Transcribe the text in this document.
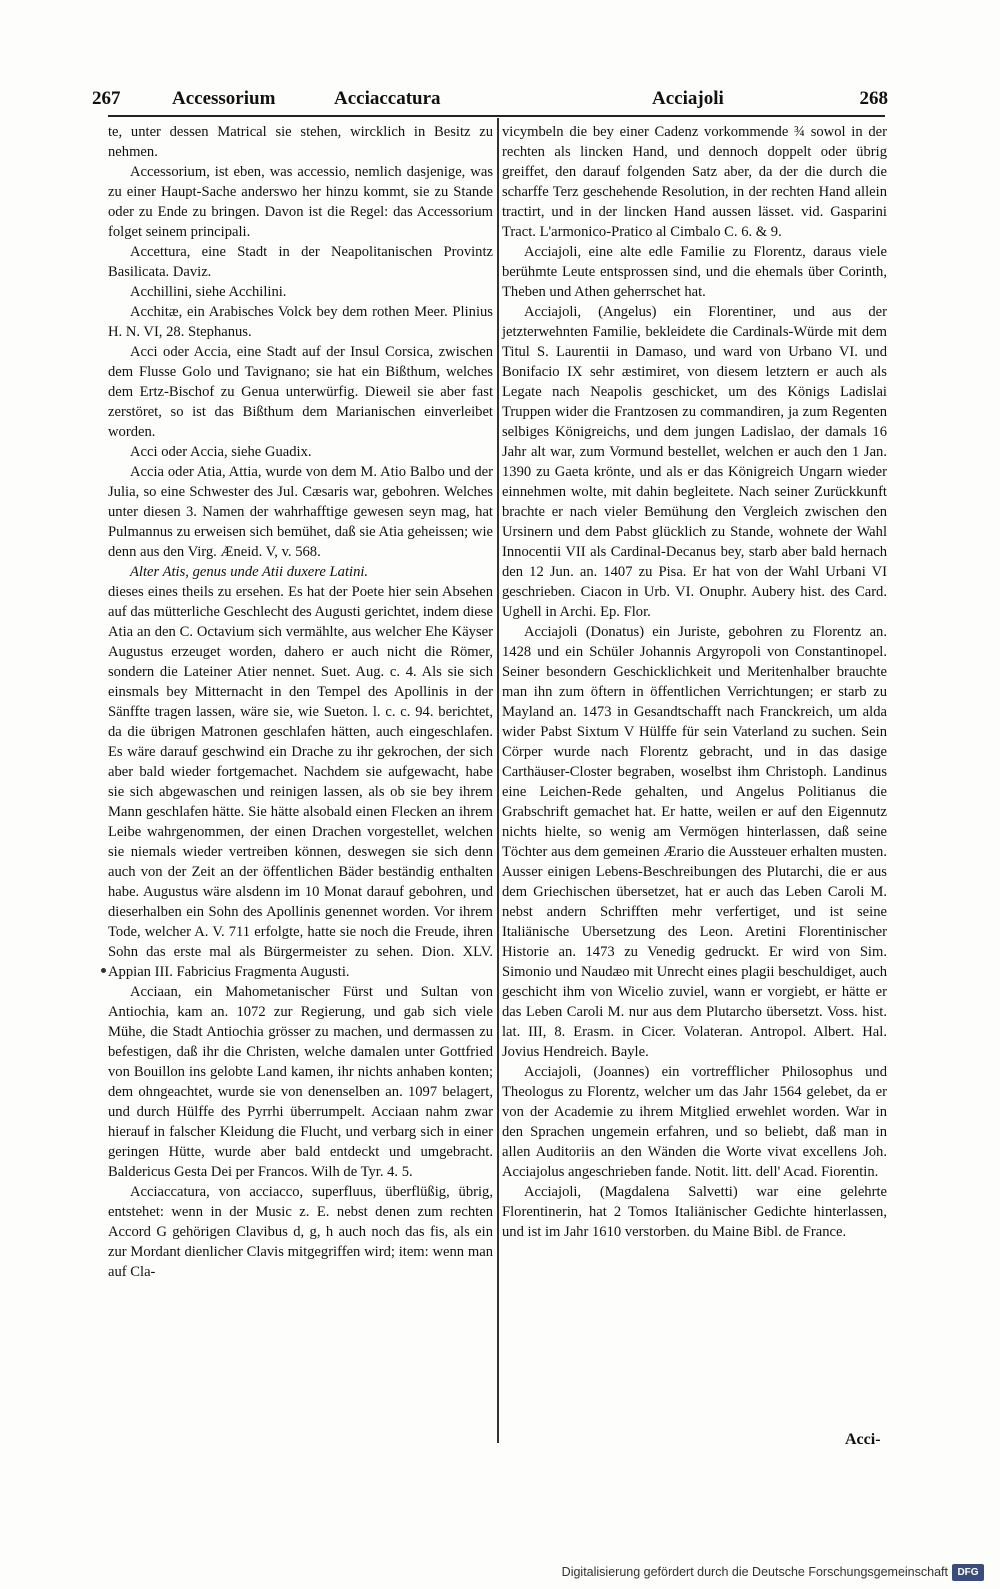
267	Accessorium	Acciaccatura	Acciajoli	268

te, unter dessen Matrical sie stehen, wircklich in Besitz zu nehmen.

Accessorium, ist eben, was accessio, nemlich dasjenige, was zu einer Haupt-Sache anderswo her hinzu kommt, sie zu Stande oder zu Ende zu bringen. Davon ist die Regel: das Accessorium folget seinem principali.

Accettura, eine Stadt in der Neapolitanischen Provintz Basilicata. Daviz.

Acchillini, siehe Acchilini.

Acchitæ, ein Arabisches Volck bey dem rothen Meer. Plinius H. N. VI, 28. Stephanus.

Acci oder Accia, eine Stadt auf der Insul Corsica, zwischen dem Flusse Golo und Tavignano; sie hat ein Bißthum, welches dem Ertz-Bischof zu Genua unterwürfig. Dieweil sie aber fast zerstöret, so ist das Bißthum dem Marianischen einverleibet worden.

Acci oder Accia, siehe Guadix.

Accia oder Atia, Attia, wurde von dem M. Atio Balbo und der Julia, so eine Schwester des Jul. Cæsaris war, gebohren. Welches unter diesen 3. Namen der wahrhafftige gewesen seyn mag, hat Pulmannus zu erweisen sich bemühet, daß sie Atia geheissen; wie denn aus den Virg. Æneid. V, v. 568.

Alter Atis, genus unde Atii duxere Latini.

dieses eines theils zu ersehen. Es hat der Poete hier sein Absehen auf das mütterliche Geschlecht des Augusti gerichtet, indem diese Atia an den C. Octavium sich vermählte, aus welcher Ehe Käyser Augustus erzeuget worden, dahero er auch nicht die Römer, sondern die Lateiner Atier nennet. Suet. Aug. c. 4. Als sie sich einsmals bey Mitternacht in den Tempel des Apollinis in der Sänffte tragen lassen, wäre sie, wie Sueton. l. c. c. 94. berichtet, da die übrigen Matronen geschlafen hätten, auch eingeschlafen. Es wäre darauf geschwind ein Drache zu ihr gekrochen, der sich aber bald wieder fortgemachet. Nachdem sie aufgewacht, habe sie sich abgewaschen und reinigen lassen, als ob sie bey ihrem Mann geschlafen hätte. Sie hätte alsobald einen Flecken an ihrem Leibe wahrgenommen, der einen Drachen vorgestellet, welchen sie niemals wieder vertreiben können, deswegen sie sich denn auch von der Zeit an der öffentlichen Bäder beständig enthalten habe. Augustus wäre alsdenn im 10 Monat darauf gebohren, und dieserhalben ein Sohn des Apollinis genennet worden. Vor ihrem Tode, welcher A. V. 711 erfolgte, hatte sie noch die Freude, ihren Sohn das erste mal als Bürgermeister zu sehen. Dion. XLV. Appian III. Fabricius Fragmenta Augusti.

Acciaan, ein Mahometanischer Fürst und Sultan von Antiochia, kam an. 1072 zur Regierung, und gab sich viele Mühe, die Stadt Antiochia grösser zu machen, und dermassen zu befestigen, daß ihr die Christen, welche damalen unter Gottfried von Bouillon ins gelobte Land kamen, ihr nichts anhaben konten; dem ohngeachtet, wurde sie von denenselben an. 1097 belagert, und durch Hülffe des Pyrrhi überrumpelt. Acciaan nahm zwar hierauf in falscher Kleidung die Flucht, und verbarg sich in einer geringen Hütte, wurde aber bald entdeckt und umgebracht. Baldericus Gesta Dei per Francos. Wilh de Tyr. 4. 5.

Acciaccatura, von acciacco, superfluus, überflüßig, übrig, entstehet: wenn in der Music z. E. nebst denen zum rechten Accord G gehörigen Clavibus d, g, h auch noch das fis, als ein zur Mordant dienlicher Clavis mitgegriffen wird; item: wenn man auf Cla-

vicymbeln die bey einer Cadenz vorkommende ¾ sowol in der rechten als lincken Hand, und dennoch doppelt oder übrig greiffet, den darauf folgenden Satz aber, da der die durch die scharffe Terz geschehende Resolution, in der rechten Hand allein tractirt, und in der lincken Hand aussen lässet. vid. Gasparini Tract. L'armonico-Pratico al Cimbalo C. 6. & 9.

Acciajoli, eine alte edle Familie zu Florentz, daraus viele berühmte Leute entsprossen sind, und die ehemals über Corinth, Theben und Athen geherrschet hat.

Acciajoli, (Angelus) ein Florentiner, und aus der jetzterwehnten Familie, bekleidete die Cardinals-Würde mit dem Titul S. Laurentii in Damaso, und ward von Urbano VI. und Bonifacio IX sehr æstimiret, von diesem letztern er auch als Legate nach Neapolis geschicket, um des Königs Ladislai Truppen wider die Frantzosen zu commandiren, ja zum Regenten selbiges Königreichs, und dem jungen Ladislao, der damals 16 Jahr alt war, zum Vormund bestellet, welchen er auch den 1 Jan. 1390 zu Gaeta krönte, und als er das Königreich Ungarn wieder einnehmen wolte, mit dahin begleitete. Nach seiner Zurückkunft brachte er nach vieler Bemühung den Vergleich zwischen den Ursinern und dem Pabst glücklich zu Stande, wohnete der Wahl Innocentii VII als Cardinal-Decanus bey, starb aber bald hernach den 12 Jun. an. 1407 zu Pisa. Er hat von der Wahl Urbani VI geschrieben. Ciacon in Urb. VI. Onuphr. Aubery hist. des Card. Ughell in Archi. Ep. Flor.

Acciajoli (Donatus) ein Juriste, gebohren zu Florentz an. 1428 und ein Schüler Johannis Argyropoli von Constantinopel. Seiner besondern Geschicklichkeit und Meritenhalber brauchte man ihn zum öftern in öffentlichen Verrichtungen; er starb zu Mayland an. 1473 in Gesandtschafft nach Franckreich, um alda wider Pabst Sixtum V Hülffe für sein Vaterland zu suchen. Sein Cörper wurde nach Florentz gebracht, und in das dasige Carthäuser-Closter begraben, woselbst ihm Christoph. Landinus eine Leichen-Rede gehalten, und Angelus Politianus die Grabschrift gemachet hat. Er hatte, weilen er auf den Eigennutz nichts hielte, so wenig am Vermögen hinterlassen, daß seine Töchter aus dem gemeinen Ærario die Aussteuer erhalten musten. Ausser einigen Lebens-Beschreibungen des Plutarchi, die er aus dem Griechischen übersetzet, hat er auch das Leben Caroli M. nebst andern Schrifften mehr verfertiget, und ist seine Italiänische Ubersetzung des Leon. Aretini Florentinischer Historie an. 1473 zu Venedig gedruckt. Er wird von Sim. Simonio und Naudæo mit Unrecht eines plagii beschuldiget, auch geschicht ihm von Wicelio zuviel, wann er vorgiebt, er hätte er das Leben Caroli M. nur aus dem Plutarcho übersetzt. Voss. hist. lat. III, 8. Erasm. in Cicer. Volateran. Antropol. Albert. Hal. Jovius Hendreich. Bayle.

Acciajoli, (Joannes) ein vortrefflicher Philosophus und Theologus zu Florentz, welcher um das Jahr 1564 gelebet, da er von der Academie zu ihrem Mitglied erwehlet worden. War in den Sprachen ungemein erfahren, und so beliebt, daß man in allen Auditoriis an den Wänden die Worte vivat excellens Joh. Acciajolus angeschrieben fande. Notit. litt. dell' Acad. Fiorentin.

Acciajoli, (Magdalena Salvetti) war eine gelehrte Florentinerin, hat 2 Tomos Italiänischer Gedichte hinterlassen, und ist im Jahr 1610 verstorben. du Maine Bibl. de France.

Acci-
Digitalisierung gefördert durch die Deutsche Forschungsgemeinschaft DFG
